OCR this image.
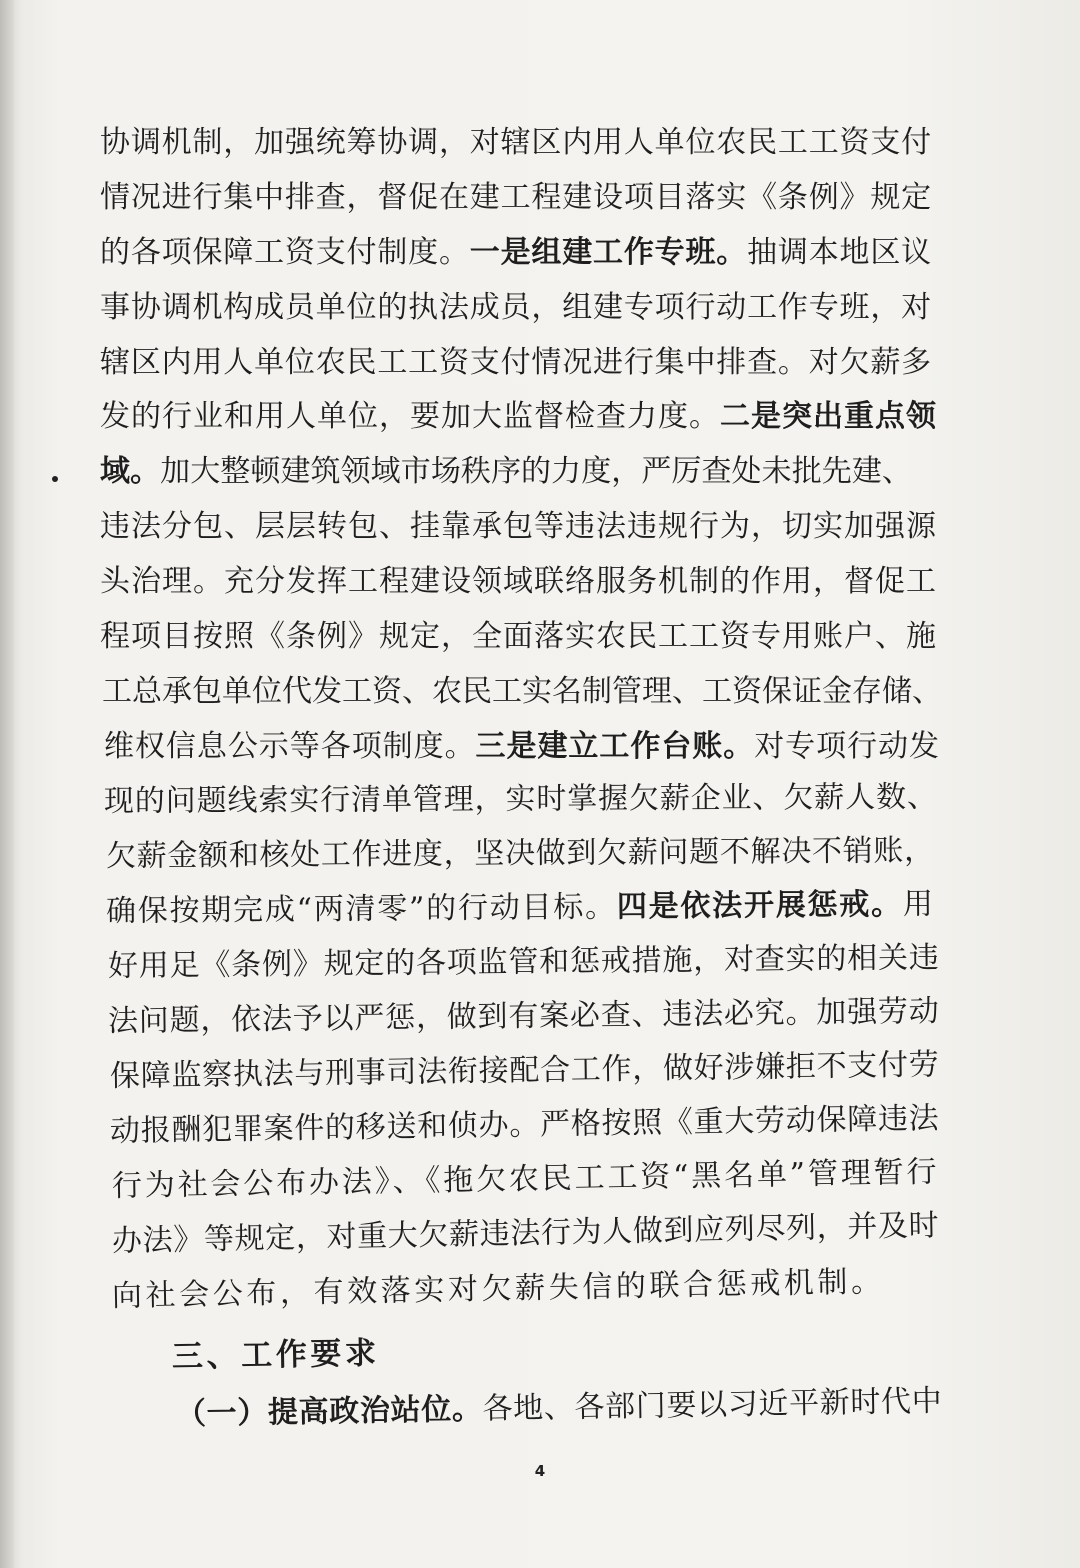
协调机制，加强统筹协调，对辖区内用人单位农民工工资支付
情况进行集中排查，督促在建工程建设项目落实《条例》规定
的各项保障工资支付制度。一是组建工作专班。抽调本地区议
事协调机构成员单位的执法成员，组建专项行动工作专班，对
辖区内用人单位农民工工资支付情况进行集中排查。对欠薪多
发的行业和用人单位，要加大监督检查力度。二是突出重点领
域。加大整顿建筑领域市场秩序的力度，严厉查处未批先建、
违法分包、层层转包、挂靠承包等违法违规行为，切实加强源
头治理。充分发挥工程建设领域联络服务机制的作用，督促工
程项目按照《条例》规定，全面落实农民工工资专用账户、施
工总承包单位代发工资、农民工实名制管理、工资保证金存储、
维权信息公示等各项制度。三是建立工作台账。对专项行动发
现的问题线索实行清单管理，实时掌握欠薪企业、欠薪人数、
欠薪金额和核处工作进度，坚决做到欠薪问题不解决不销账，
确保按期完成“两清零”的行动目标。四是依法开展惩戒。用
好用足《条例》规定的各项监管和惩戒措施，对查实的相关违
法问题，依法予以严惩，做到有案必查、违法必究。加强劳动
保障监察执法与刑事司法衔接配合工作，做好涉嫌拒不支付劳
动报酬犯罪案件的移送和侦办。严格按照《重大劳动保障违法
行为社会公布办法》、《拖欠农民工工资“黑名单”管理暂行
办法》等规定，对重大欠薪违法行为人做到应列尽列，并及时
向社会公布，有效落实对欠薪失信的联合惩戒机制。
三、工作要求
（一）提高政治站位。各地、各部门要以习近平新时代中
4
